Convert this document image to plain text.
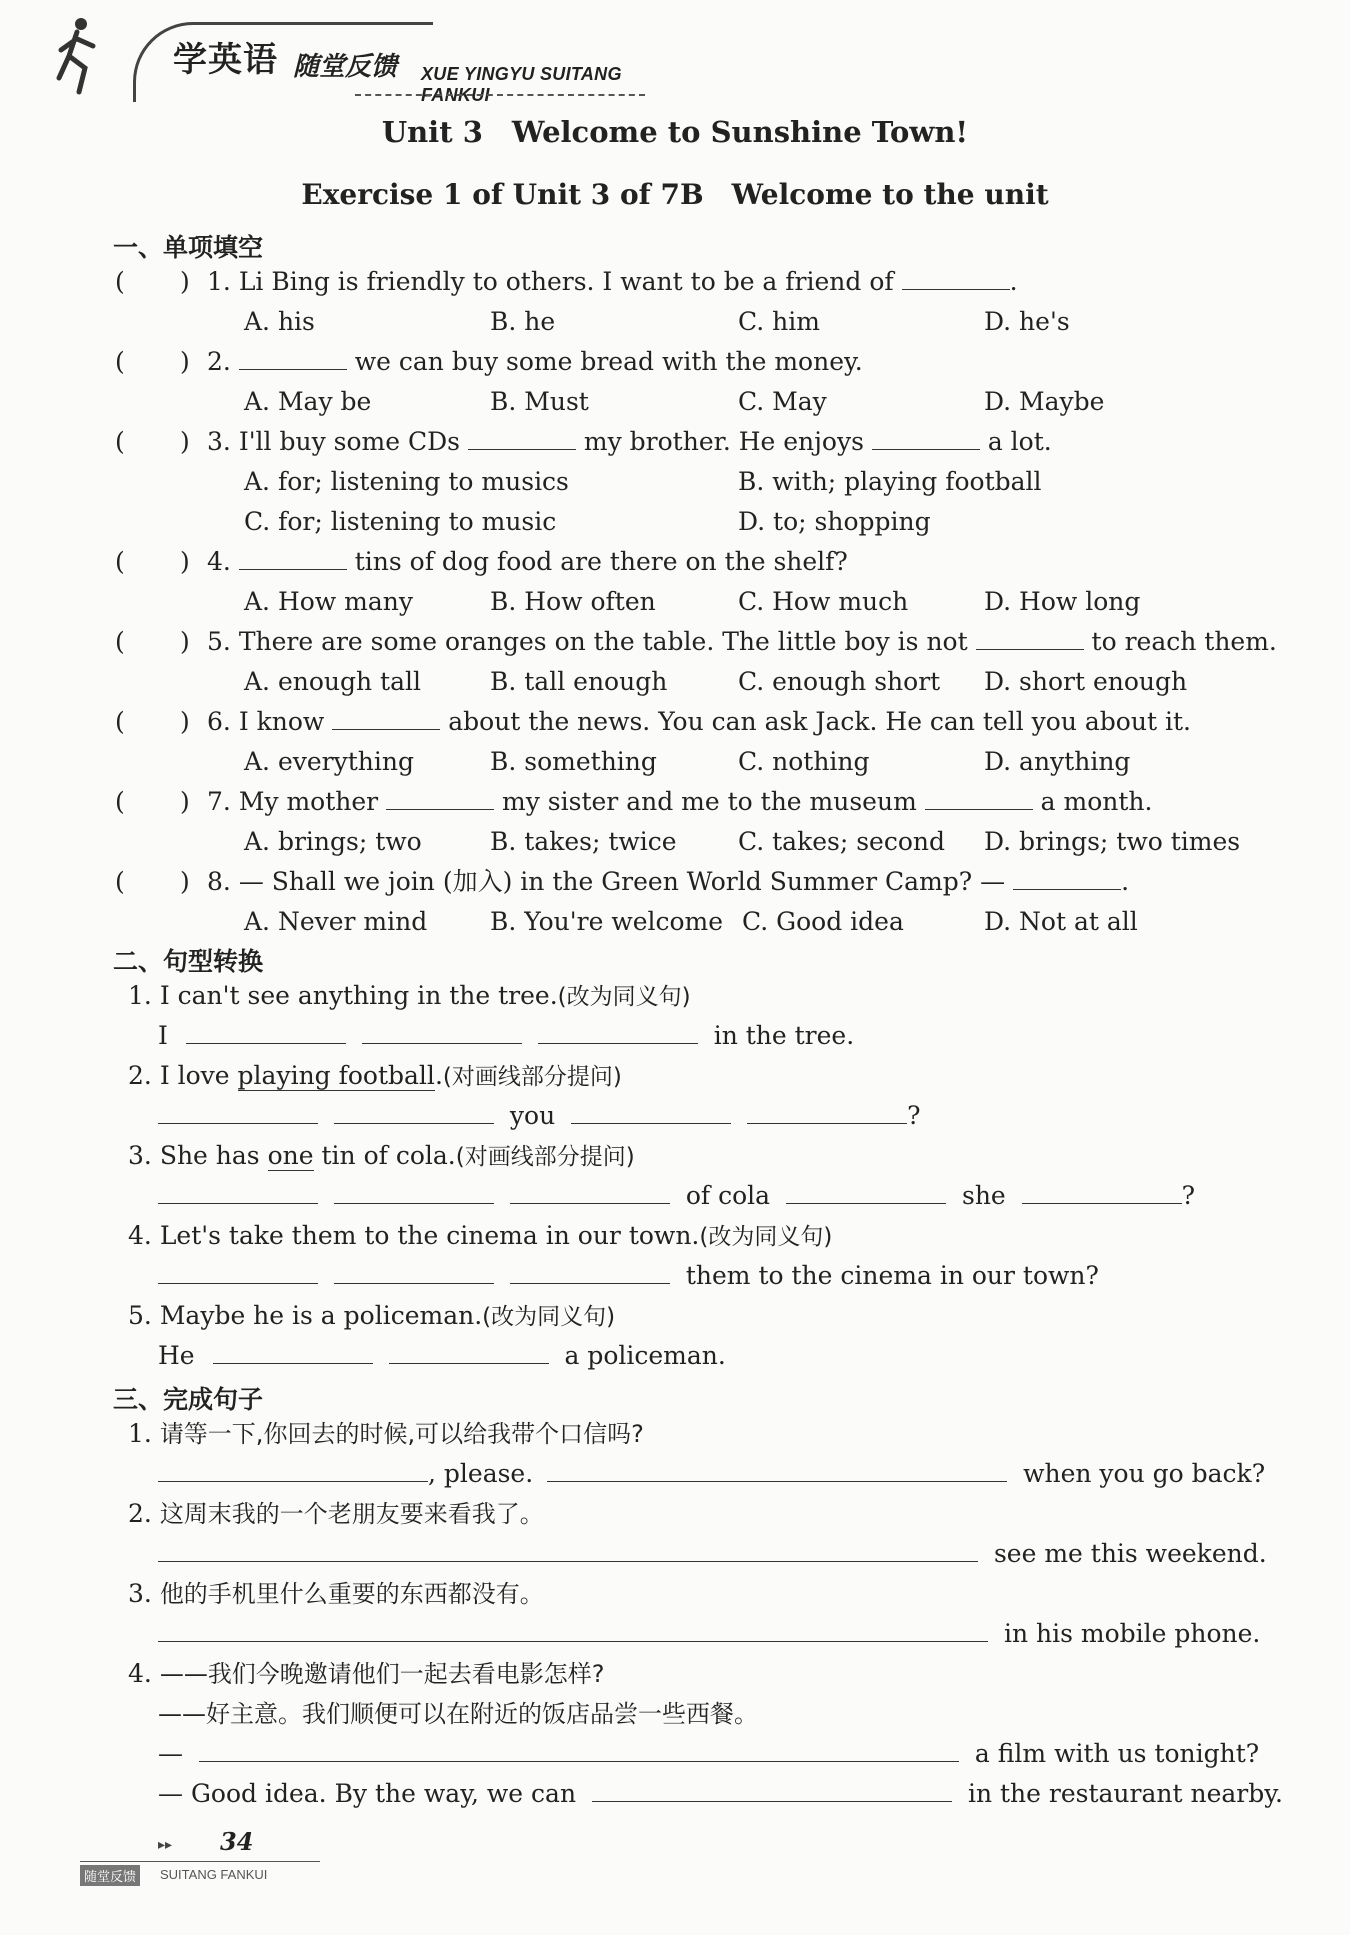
学英语 随堂反馈 XUE YINGYU SUITANG FANKUI
Unit 3　Welcome to Sunshine Town!
Exercise 1 of Unit 3 of 7B　Welcome to the unit
一、单项填空
( ) 1. Li Bing is friendly to others. I want to be a friend of	.
A. his	B. he	C. him	D. he's
( ) 2.	we can buy some bread with the money.
A. May be	B. Must	C. May	D. Maybe
( ) 3. I'll buy some CDs	my brother. He enjoys	a lot.
A. for; listening to musics	B. with; playing football
C. for; listening to music	D. to; shopping
( ) 4.	tins of dog food are there on the shelf?
A. How many	B. How often	C. How much	D. How long
( ) 5. There are some oranges on the table. The little boy is not	to reach them.
A. enough tall	B. tall enough	C. enough short D. short enough
( ) 6. I know	about the news. You can ask Jack. He can tell you about it.
A. everything	B. something	C. nothing	D. anything
( ) 7. My mother	my sister and me to the museum	a month.
A. brings; two	B. takes; twice C. takes; second D. brings; two times
( ) 8. — Shall we join (加入) in the Green World Summer Camp? —	.
A. Never mind	B. You're welcome C. Good idea	D. Not at all
二、句型转换
1. I can't see anything in the tree.(改为同义句)
I	in the tree.
2. I love playing football.(对画线部分提问)
you	?
3. She has one tin of cola.(对画线部分提问)
of cola	she	?
4. Let's take them to the cinema in our town.(改为同义句)
them to the cinema in our town?
5. Maybe he is a policeman.(改为同义句)
He	a policeman.
三、完成句子
1. 请等一下,你回去的时候,可以给我带个口信吗?
, please.	when you go back?
2. 这周末我的一个老朋友要来看我了。
see me this weekend.
3. 他的手机里什么重要的东西都没有。
in his mobile phone.
4. ——我们今晚邀请他们一起去看电影怎样?
——好主意。我们顺便可以在附近的饭店品尝一些西餐。
—	a film with us tonight?
— Good idea. By the way, we can	in the restaurant nearby.
▸▸ 34
随堂反馈	SUITANG FANKUI
